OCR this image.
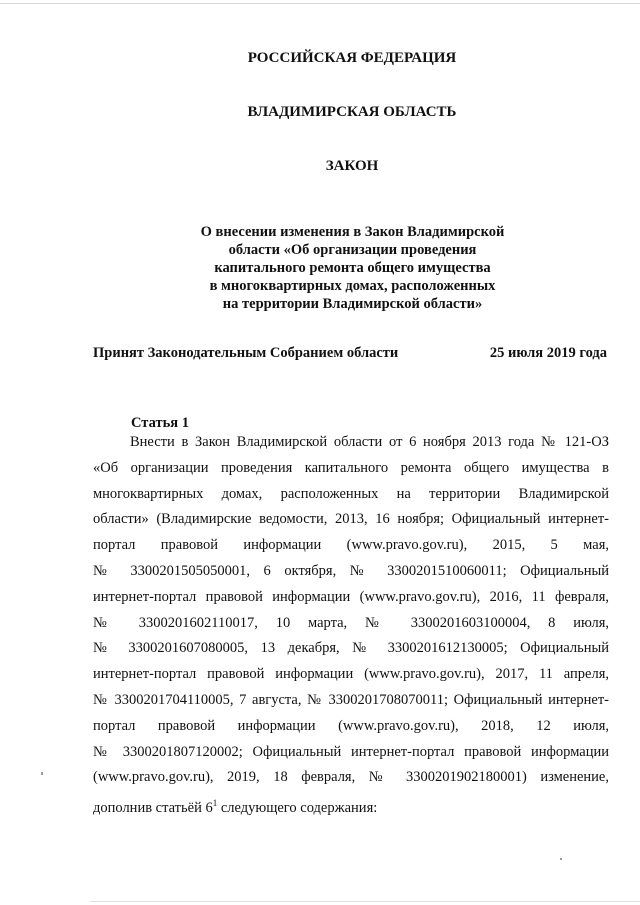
РОССИЙСКАЯ ФЕДЕРАЦИЯ
ВЛАДИМИРСКАЯ ОБЛАСТЬ
ЗАКОН
О внесении изменения в Закон Владимирской
области «Об организации проведения
капитального ремонта общего имущества
в многоквартирных домах, расположенных
на территории Владимирской области»
Принят Законодательным Собранием области	25 июля 2019 года
Статья 1
Внести в Закон Владимирской области от 6 ноября 2013 года № 121-ОЗ
«Об организации проведения капитального ремонта общего имущества в
многоквартирных домах, расположенных на территории Владимирской
области» (Владимирские ведомости, 2013, 16 ноября; Официальный интернет-
портал правовой информации (www.pravo.gov.ru), 2015, 5 мая,
№ 3300201505050001, 6 октября, № 3300201510060011; Официальный
интернет-портал правовой информации (www.pravo.gov.ru), 2016, 11 февраля,
№ 3300201602110017, 10 марта, № 3300201603100004, 8 июля,
№ 3300201607080005, 13 декабря, № 3300201612130005; Официальный
интернет-портал правовой информации (www.pravo.gov.ru), 2017, 11 апреля,
№ 3300201704110005, 7 августа, № 3300201708070011; Официальный интернет-
портал правовой информации (www.pravo.gov.ru), 2018, 12 июля,
№ 3300201807120002; Официальный интернет-портал правовой информации
(www.pravo.gov.ru), 2019, 18 февраля, № 3300201902180001) изменение,
дополнив статьёй $6^1$ следующего содержания:
